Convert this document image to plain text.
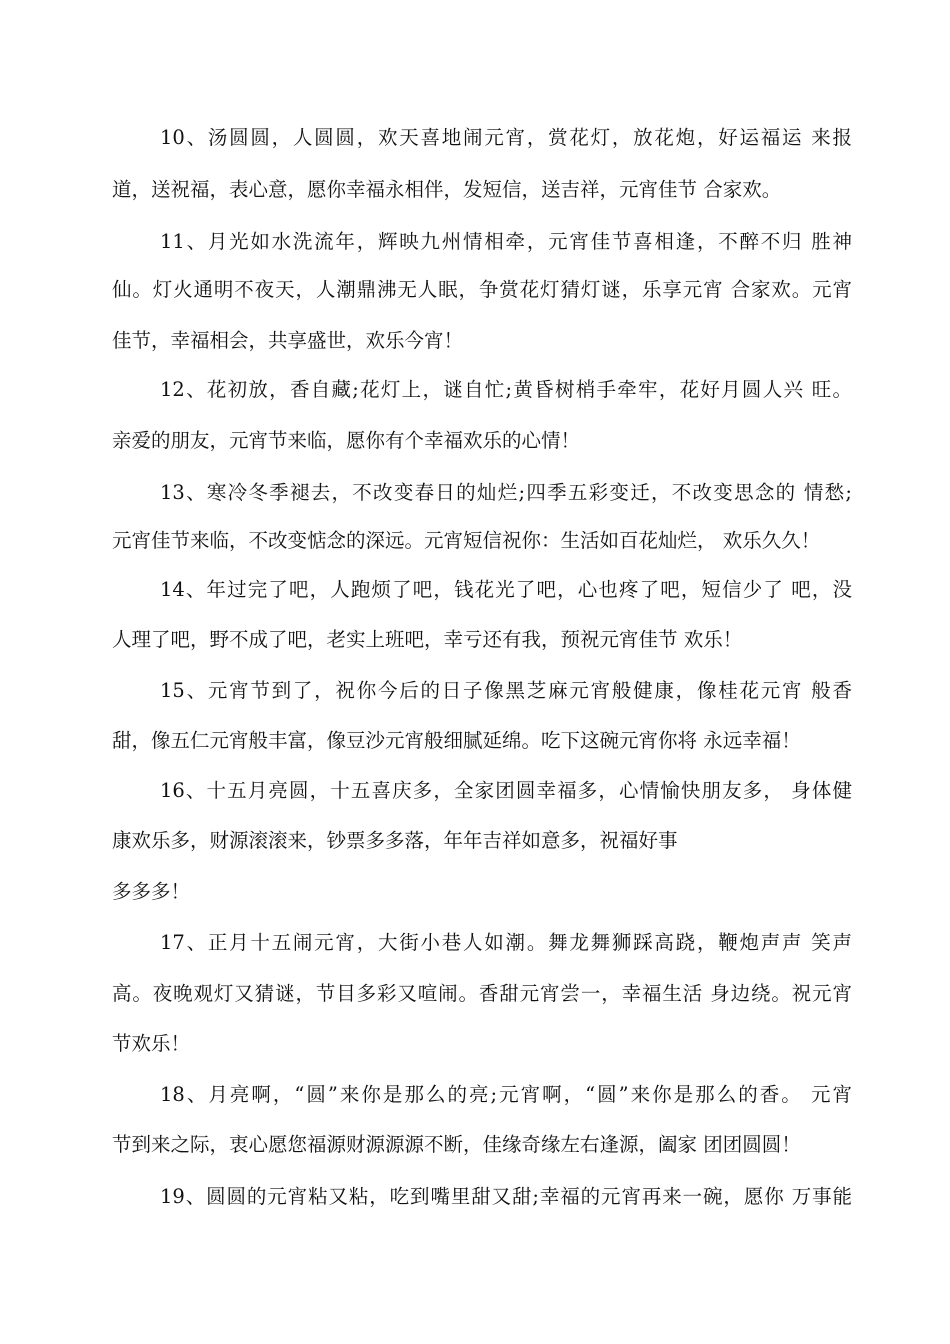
10、汤圆圆，人圆圆，欢天喜地闹元宵，赏花灯，放花炮，好运福运 来报
道，送祝福，表心意，愿你幸福永相伴，发短信，送吉祥，元宵佳节 合家欢。
11、月光如水洗流年，辉映九州情相牵，元宵佳节喜相逢，不醉不归 胜神
仙。灯火通明不夜天，人潮鼎沸无人眠，争赏花灯猜灯谜，乐享元宵 合家欢。元宵
佳节，幸福相会，共享盛世，欢乐今宵！
12、花初放，香自藏;花灯上，谜自忙;黄昏树梢手牵牢，花好月圆人兴 旺。
亲爱的朋友，元宵节来临，愿你有个幸福欢乐的心情！
13、寒冷冬季褪去，不改变春日的灿烂;四季五彩变迁，不改变思念的 情愁;
元宵佳节来临，不改变惦念的深远。元宵短信祝你：生活如百花灿烂， 欢乐久久！
14、年过完了吧，人跑烦了吧，钱花光了吧，心也疼了吧，短信少了 吧，没
人理了吧，野不成了吧，老实上班吧，幸亏还有我，预祝元宵佳节 欢乐！
15、元宵节到了，祝你今后的日子像黑芝麻元宵般健康，像桂花元宵 般香
甜，像五仁元宵般丰富，像豆沙元宵般细腻延绵。吃下这碗元宵你将 永远幸福！
16、十五月亮圆，十五喜庆多，全家团圆幸福多，心情愉快朋友多， 身体健
康欢乐多，财源滚滚来，钞票多多落，年年吉祥如意多，祝福好事
多多多！
17、正月十五闹元宵，大街小巷人如潮。舞龙舞狮踩高跷，鞭炮声声 笑声
高。夜晚观灯又猜谜，节目多彩又喧闹。香甜元宵尝一，幸福生活 身边绕。祝元宵
节欢乐！
18、月亮啊，“圆”来你是那么的亮;元宵啊，“圆”来你是那么的香。 元宵
节到来之际，衷心愿您福源财源源源不断，佳缘奇缘左右逢源，阖家 团团圆圆！
19、圆圆的元宵粘又粘，吃到嘴里甜又甜;幸福的元宵再来一碗，愿你 万事能
